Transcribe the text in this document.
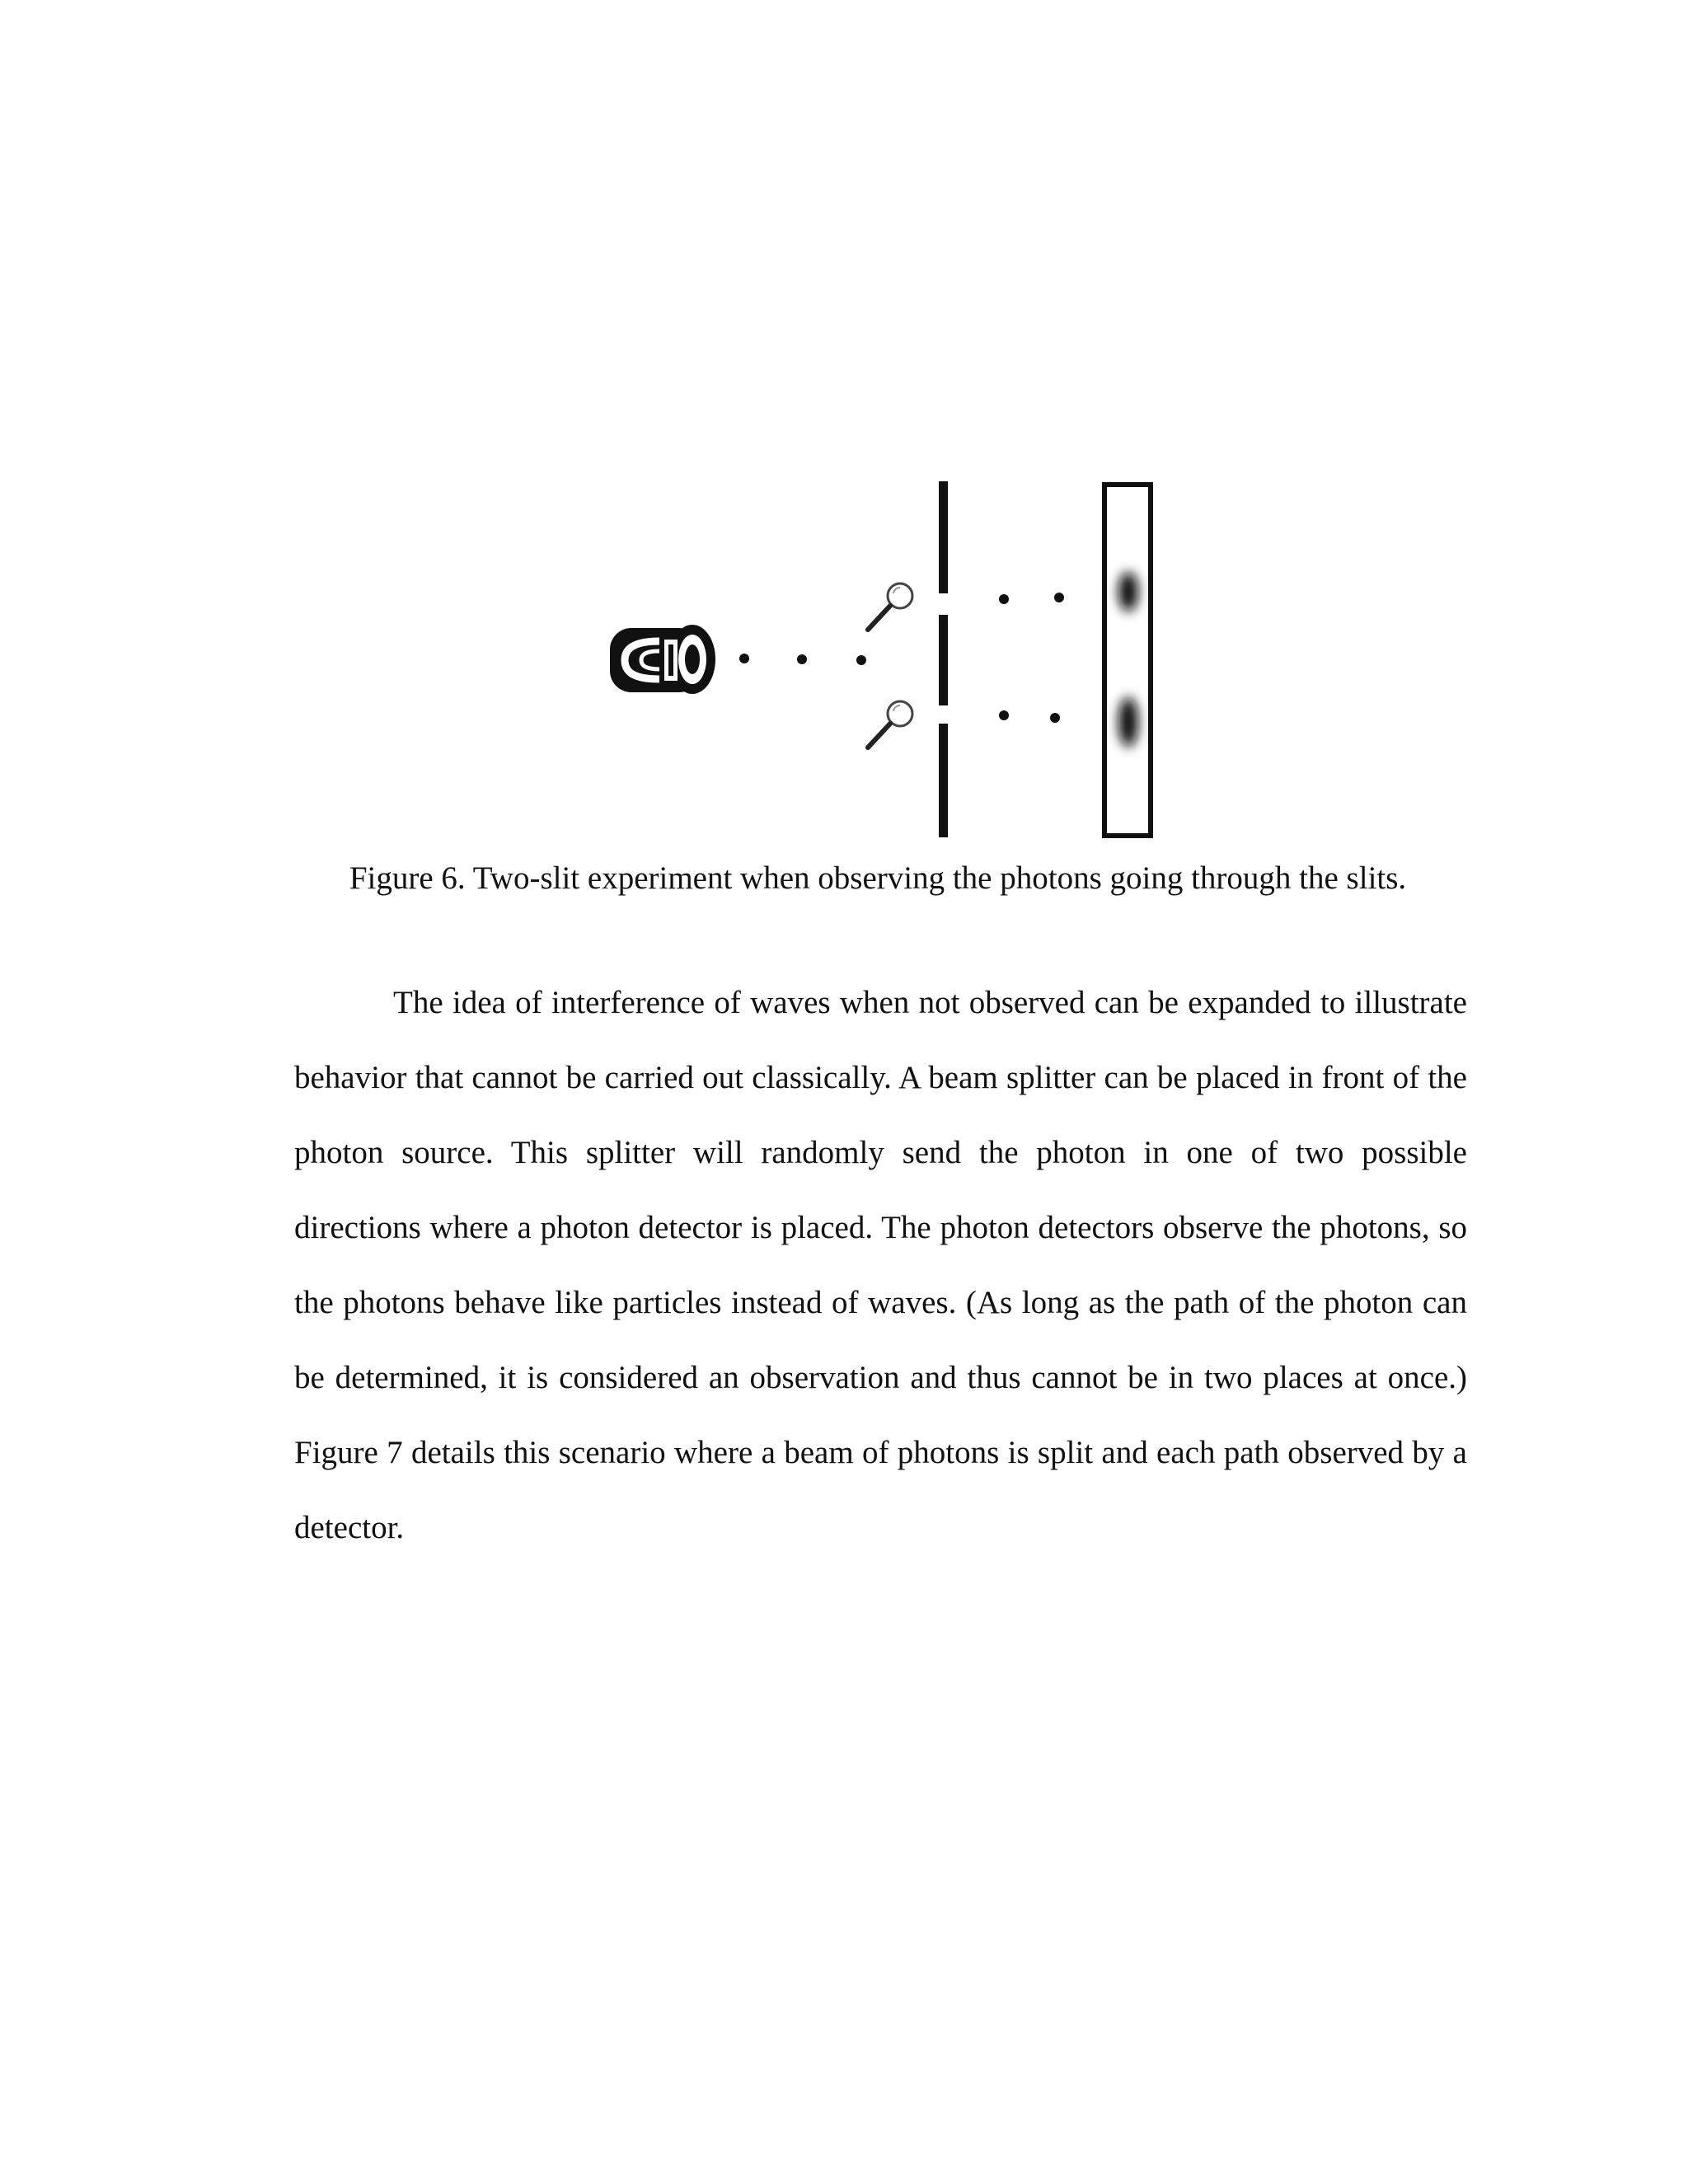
Figure 6. Two-slit experiment when observing the photons going through the slits.

The idea of interference of waves when not observed can be expanded to illustrate behavior that cannot be carried out classically. A beam splitter can be placed in front of the photon source. This splitter will randomly send the photon in one of two possible directions where a photon detector is placed. The photon detectors observe the photons, so the photons behave like particles instead of waves. (As long as the path of the photon can be determined, it is considered an observation and thus cannot be in two places at once.) Figure 7 details this scenario where a beam of photons is split and each path observed by a detector.
